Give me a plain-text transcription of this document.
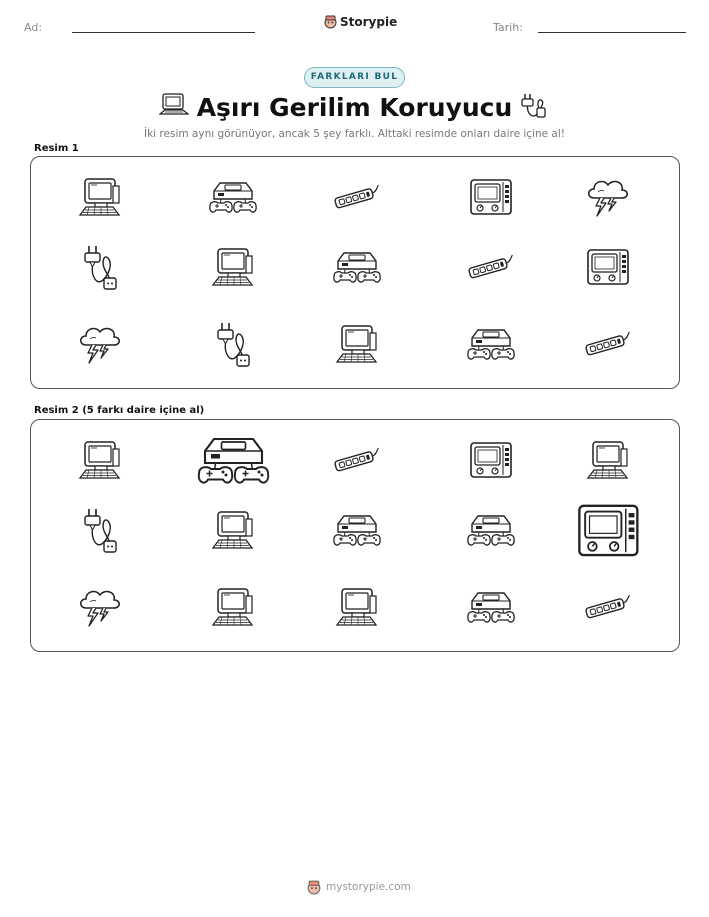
Ad:	Storypie	Tarih:
FARKLARI BUL
Aşırı Gerilim Koruyucu
İki resim aynı görünüyor, ancak 5 şey farklı. Alttaki resimde onları daire içine al!
Resim 1
Resim 2 (5 farkı daire içine al)
mystorypie.com
